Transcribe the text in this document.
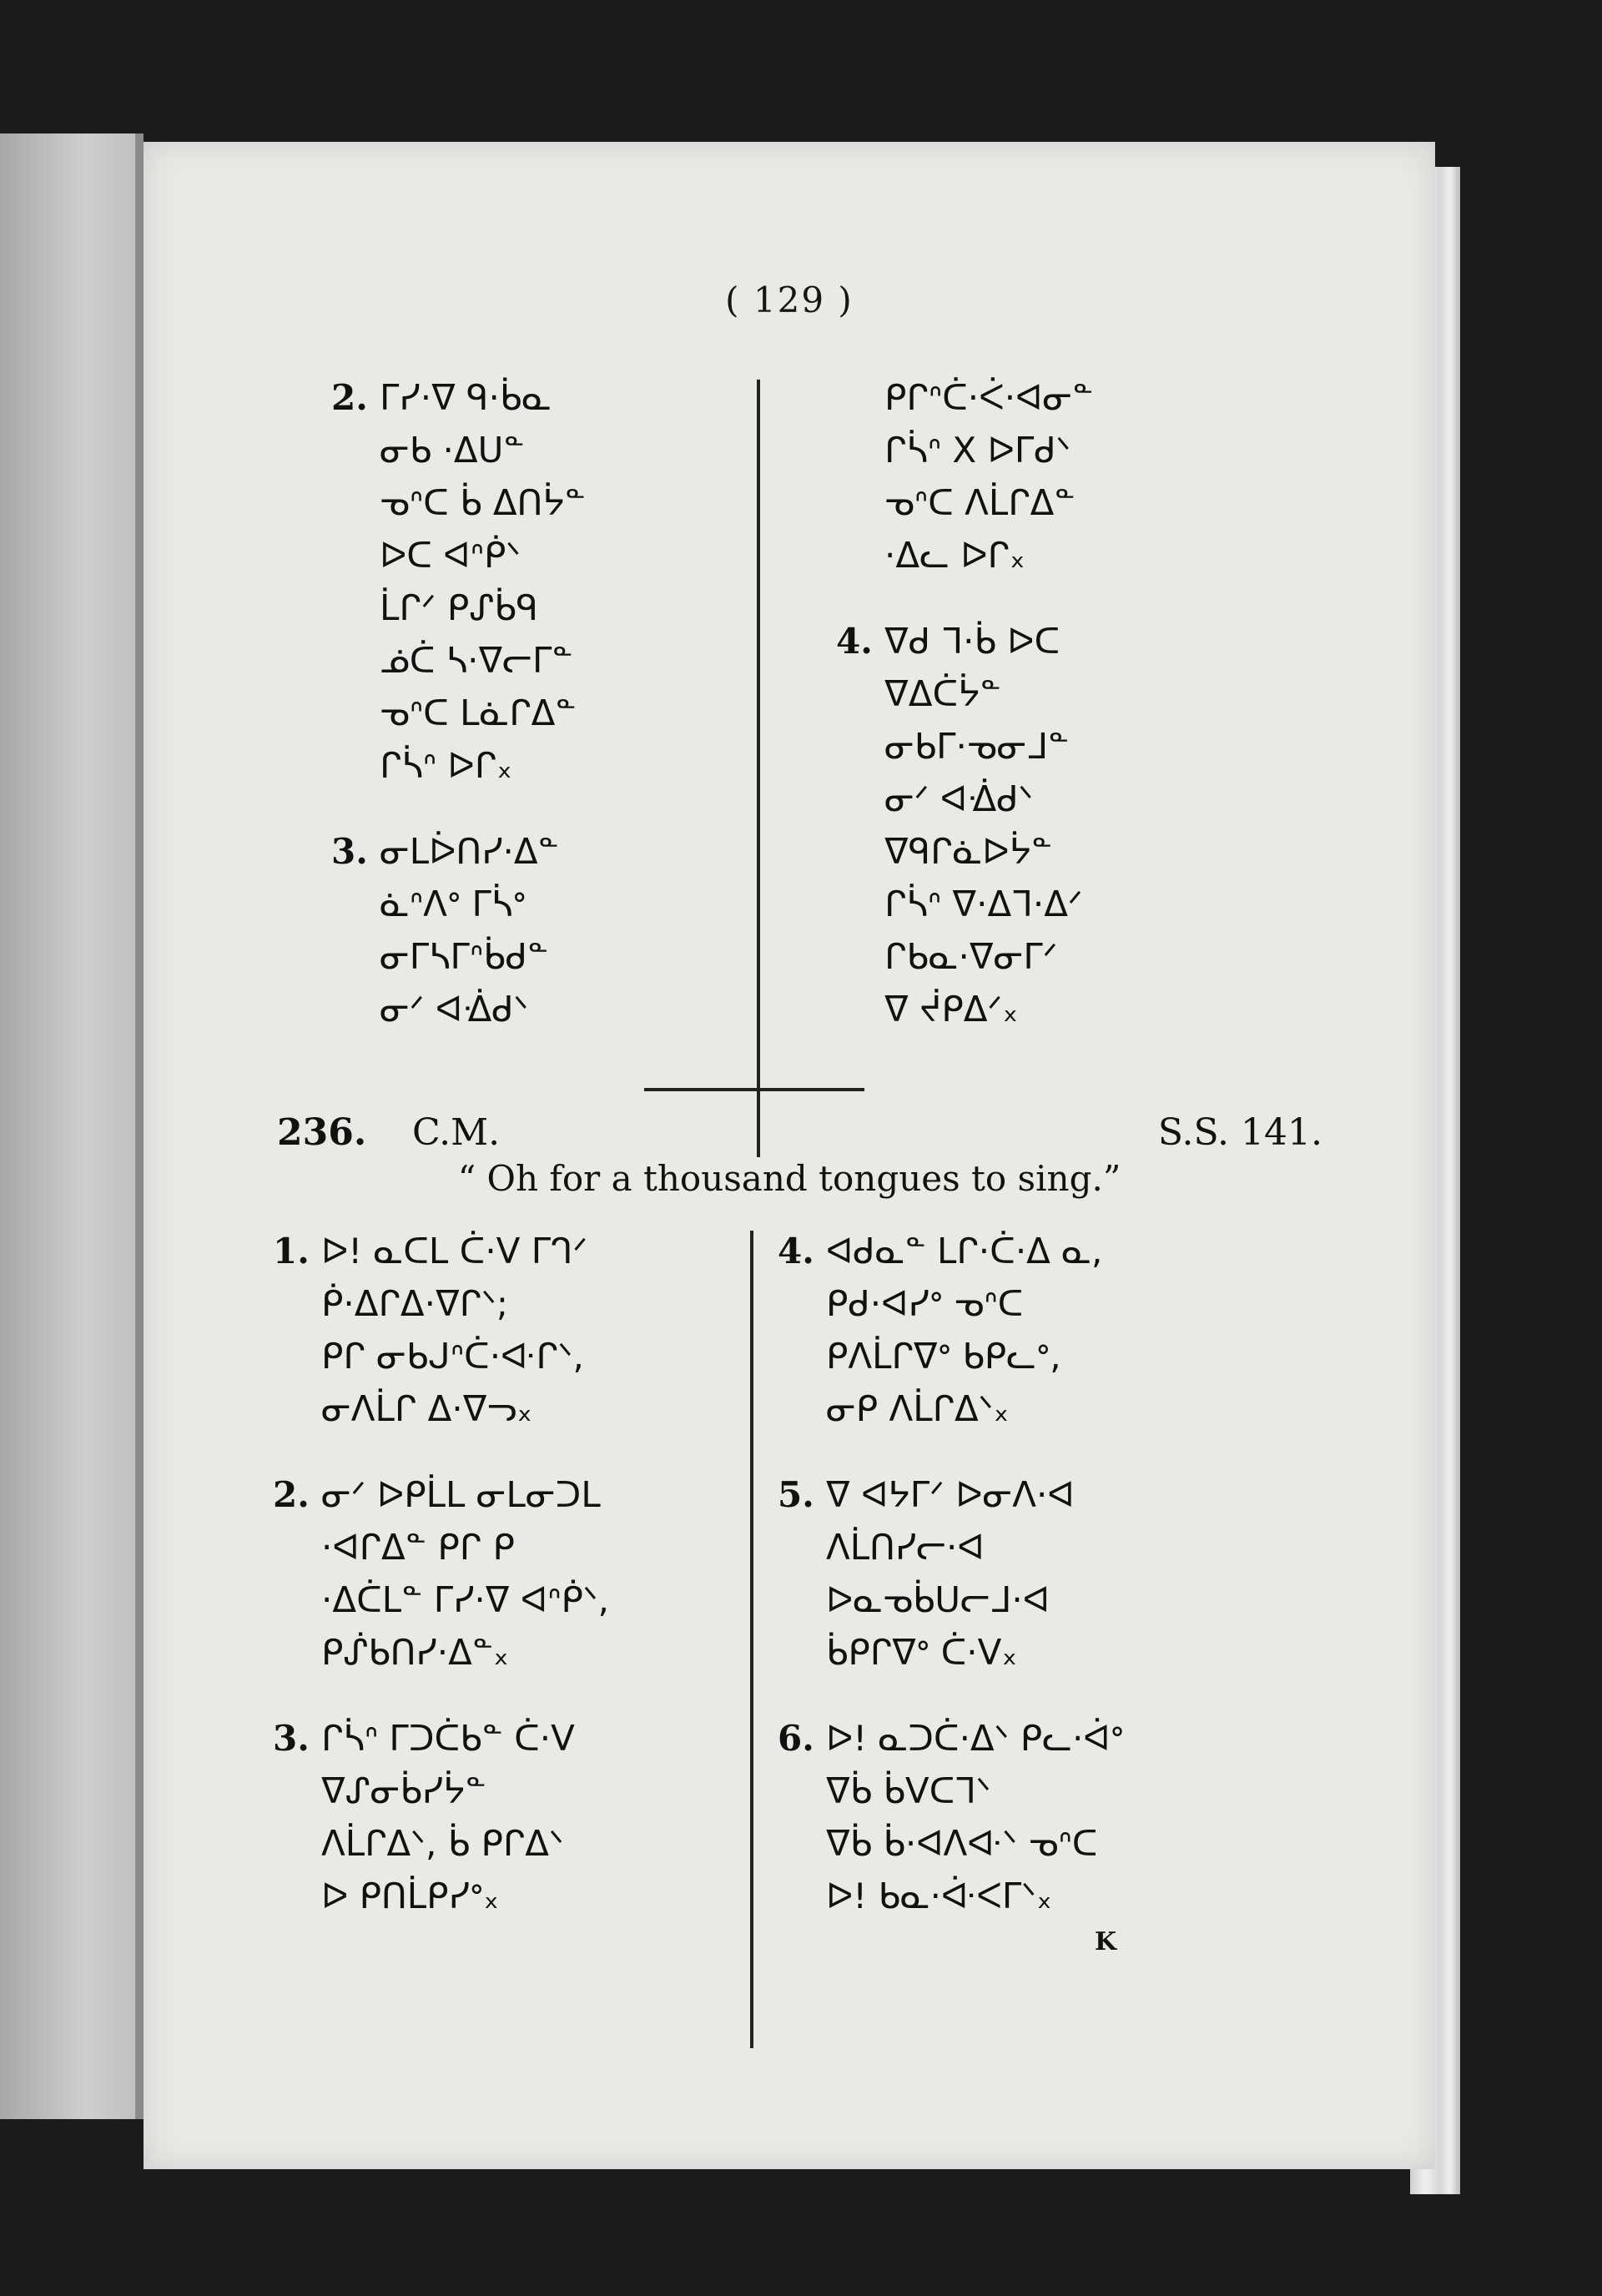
( 129 )
2. ᒥᓯ·ᐁ ᑫ·ᑳᓇ
ᓂᑲ ·ᐃᑌᓐ
ᓀᐢᑕ ᑳ ᐃᑎᔮᓐ
ᐅᑕ ᐊᐢᑮᐠ
ᒫᒋᐟ ᑭᔑᑳᑫ
ᓅᑖ ᓴ·ᐁᓕᒥᓐ
ᓀᐢᑕ ᒪᓈᒋᐃᓐ
ᒋᓵᐢ ᐅᒋ᙮
3. ᓂᒪᐆᑎᓯ·ᐃᓐ
ᓈᐢᐱᐤ ᒥᓵᐤ
ᓂᒥᓴᒥᐢᑳᑯᓐ
ᓂᐟ ᐊᐐᑯᐠ
ᑭᒋᐢᑖ·ᐹ·ᐊᓂᓐ
ᒋᓵᐢ X ᐅᒥᑯᐠ
ᓀᐢᑕ ᐱᒫᒋᐃᓐ
·ᐃᓚ ᐅᒋ᙮
4. ᐁᑯ ᒣ·ᑳ ᐅᑕ
ᐁᐃᑖᔮᓐ
ᓂᑲᒥ·ᓀᓂᒧᓐ
ᓂᐟ ᐊᐐᑯᐠ
ᐁᑫᒋᓈᐅᔮᓐ
ᒋᓵᐢ ᐁ·ᐃᒣ·ᐃᐟ
ᒋᑲᓇ·ᐁᓂᒥᐟ
ᐁ ᔫᑭᐃᐟ᙮
236. C.M.	S.S. 141.
“ Oh for a thousand tongues to sing.”
1. ᐅ! ᓇᑕᒪ ᑖ·ᐯ ᒥᒉᐟ
ᑮ·ᐃᒋᐃ·ᐁᒋᐠ;
ᑭᒋ ᓂᑲᒍᐢᑖ·ᐘᒋᐠ,
ᓂᐱᒫᒋ ᐃ·ᐁᓓ᙮
2. ᓂᐟ ᐅᑭᒫᒪ ᓂᒪᓂᑐᒪ
·ᐊᒋᐃᓐ ᑭᒋ ᑭ
·ᐃᑖᒪᓐ ᒥᓯ·ᐁ ᐊᐢᑮᐠ,
ᑭᔒᑲᑎᓯ·ᐃᓐ᙮
3. ᒋᓵᐢ ᒥᑐᑖᑲᓐ ᑖ·ᐯ
ᐁᔑᓂᑳᓯᔮᓐ
ᐱᒫᒋᐃᐠ, ᑳ ᑭᒋᐃᐠ
ᐅ ᑭᑎᒫᑭᓯᐤ᙮
4. ᐊᑯᓇᓐ ᒪᒋ·ᑖ·ᐃ ᓇ,
ᑭᑯ·ᐊᓯᐤ ᓀᐢᑕ
ᑭᐱᒫᒋᐁᐤ ᑲᑭᓚᐤ,
ᓂᑭ ᐱᒫᒋᐃᐠ᙮
5. ᐁ ᐊᔭᒥᐟ ᐅᓂᐱ·ᐊ
ᐱᒫᑎᓯᓕ·ᐊ
ᐅᓇᓀᑳᑌᓕᒧ·ᐊ
ᑳᑭᒋᐁᐤ ᑖ·ᐯ᙮
6. ᐅ! ᓇᑐᑖ·ᐃᐠ ᑭᓚ·ᐋᐤ
ᐁᑳ ᑳᐯᑕᒣᐠ
ᐁᑳ ᑳ·ᐊᐱᐘᐠ ᓀᐢᑕ
ᐅ! ᑲᓇ·ᐚᐸᒥᐠ᙮
K
